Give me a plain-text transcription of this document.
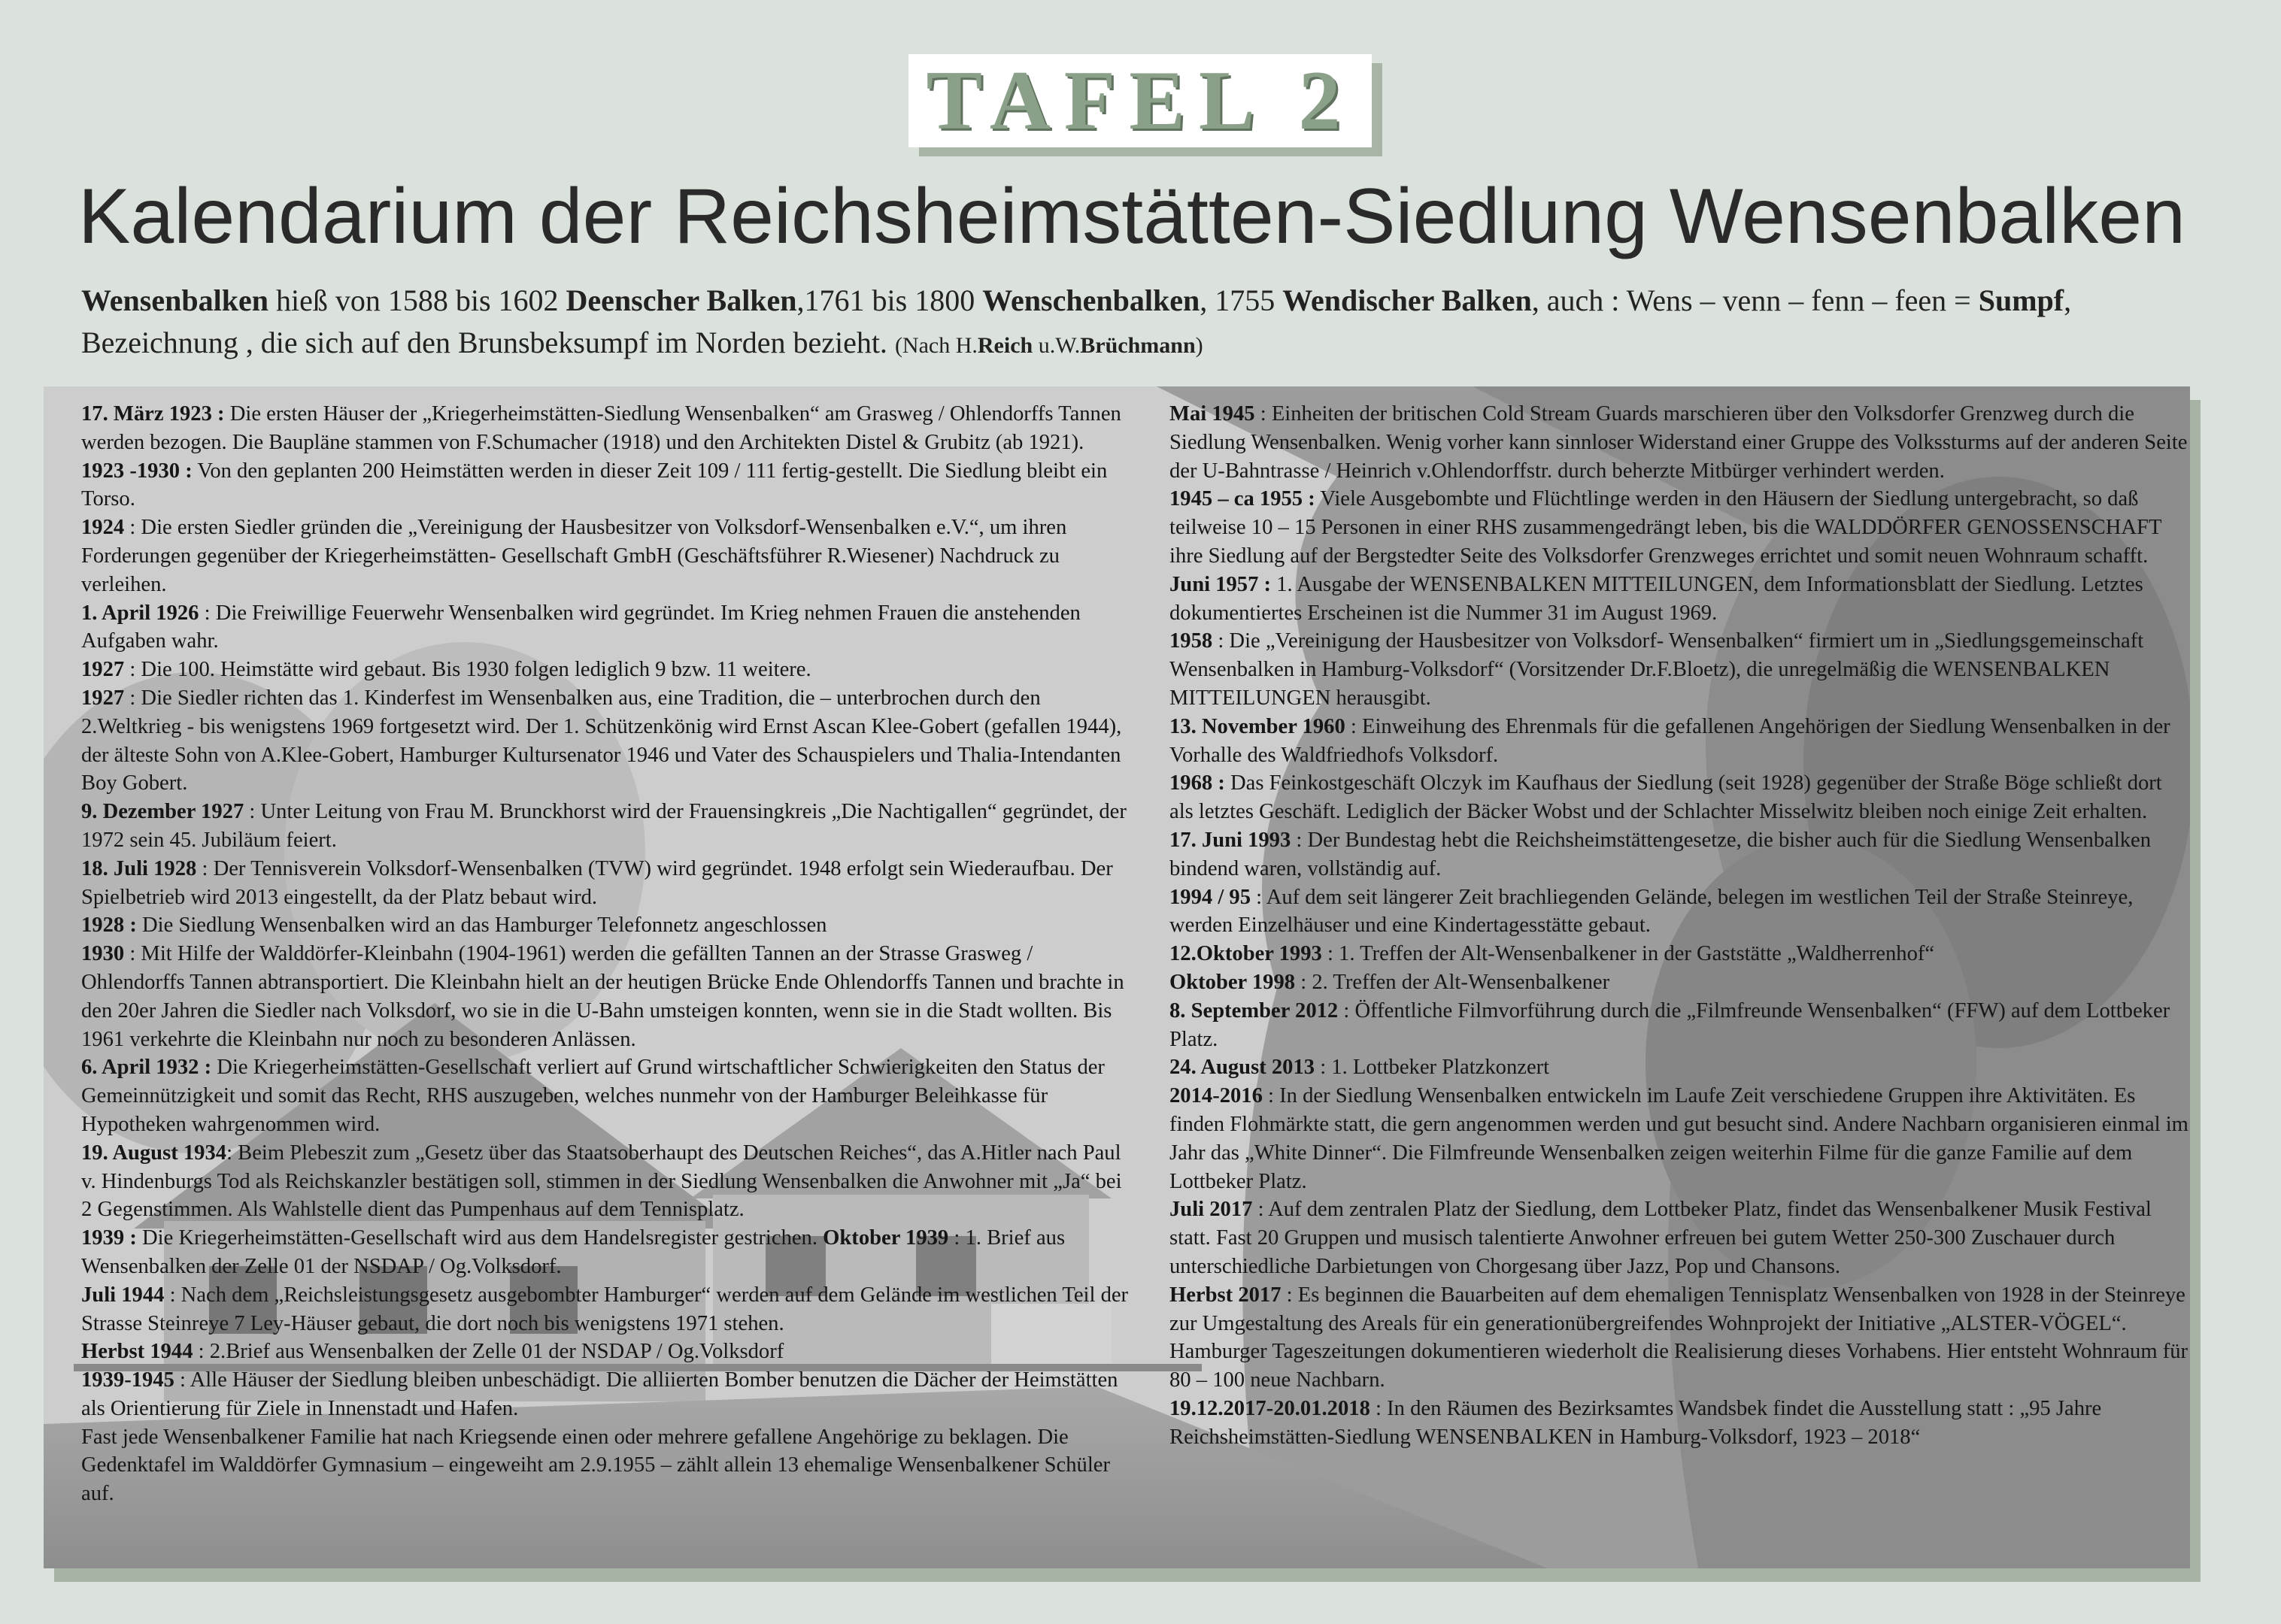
TAFEL 2
Kalendarium der Reichsheimstätten-Siedlung Wensenbalken
Wensenbalken hieß von 1588 bis 1602 Deenscher Balken,1761 bis 1800 Wenschenbalken, 1755 Wendischer Balken, auch : Wens – venn – fenn – feen = Sumpf,
Bezeichnung , die sich auf den Brunsbeksumpf im Norden bezieht. (Nach H.Reich u.W.Brüchmann)

17. März 1923 : Die ersten Häuser der „Kriegerheimstätten-Siedlung Wensenbalken“ am Grasweg / Ohlendorffs Tannen werden bezogen. Die Baupläne stammen von F.Schumacher (1918) und den Architekten Distel & Grubitz (ab 1921).

1923 -1930 : Von den geplanten 200 Heimstätten werden in dieser Zeit 109 / 111 fertig-gestellt. Die Siedlung bleibt ein Torso.

1924 : Die ersten Siedler gründen die „Vereinigung der Hausbesitzer von Volksdorf-Wensenbalken e.V.“, um ihren Forderungen gegenüber der Kriegerheimstätten- Gesellschaft GmbH (Geschäftsführer R.Wiesener) Nachdruck zu verleihen.

1. April 1926 : Die Freiwillige Feuerwehr Wensenbalken wird gegründet. Im Krieg nehmen Frauen die anstehenden Aufgaben wahr.

1927 : Die 100. Heimstätte wird gebaut. Bis 1930 folgen lediglich 9 bzw. 11 weitere.

1927 : Die Siedler richten das 1. Kinderfest im Wensenbalken aus, eine Tradition, die – unterbrochen durch den 2.Weltkrieg - bis wenigstens 1969 fortgesetzt wird. Der 1. Schützenkönig wird Ernst Ascan Klee-Gobert (gefallen 1944), der älteste Sohn von A.Klee-Gobert, Hamburger Kultursenator 1946 und Vater des Schauspielers und Thalia-Intendanten Boy Gobert.

9. Dezember 1927 : Unter Leitung von Frau M. Brunckhorst wird der Frauensingkreis „Die Nachtigallen“ gegründet, der 1972 sein 45. Jubiläum feiert.

18. Juli 1928 : Der Tennisverein Volksdorf-Wensenbalken (TVW) wird gegründet. 1948 erfolgt sein Wiederaufbau. Der Spielbetrieb wird 2013 eingestellt, da der Platz bebaut wird.

1928 : Die Siedlung Wensenbalken wird an das Hamburger Telefonnetz angeschlossen

1930 : Mit Hilfe der Walddörfer-Kleinbahn (1904-1961) werden die gefällten Tannen an der Strasse Grasweg / Ohlendorffs Tannen abtransportiert. Die Kleinbahn hielt an der heutigen Brücke Ende Ohlendorffs Tannen und brachte in den 20er Jahren die Siedler nach Volksdorf, wo sie in die U-Bahn umsteigen konnten, wenn sie in die Stadt wollten. Bis 1961 verkehrte die Kleinbahn nur noch zu besonderen Anlässen.

6. April 1932 : Die Kriegerheimstätten-Gesellschaft verliert auf Grund wirtschaftlicher Schwierigkeiten den Status der Gemeinnützigkeit und somit das Recht, RHS auszugeben, welches nunmehr von der Hamburger Beleihkasse für Hypotheken wahrgenommen wird.

19. August 1934: Beim Plebeszit zum „Gesetz über das Staatsoberhaupt des Deutschen Reiches“, das A.Hitler nach Paul v. Hindenburgs Tod als Reichskanzler bestätigen soll, stimmen in der Siedlung Wensenbalken die Anwohner mit „Ja“ bei 2 Gegenstimmen. Als Wahlstelle dient das Pumpenhaus auf dem Tennisplatz.

1939 : Die Kriegerheimstätten-Gesellschaft wird aus dem Handelsregister gestrichen. Oktober 1939 : 1. Brief aus Wensenbalken der Zelle 01 der NSDAP / Og.Volksdorf.

Juli 1944 : Nach dem „Reichsleistungsgesetz ausgebombter Hamburger“ werden auf dem Gelände im westlichen Teil der Strasse Steinreye 7 Ley-Häuser gebaut, die dort noch bis wenigstens 1971 stehen.

Herbst 1944 : 2.Brief aus Wensenbalken der Zelle 01 der NSDAP / Og.Volksdorf

1939-1945 : Alle Häuser der Siedlung bleiben unbeschädigt. Die alliierten Bomber benutzen die Dächer der Heimstätten als Orientierung für Ziele in Innenstadt und Hafen.

Fast jede Wensenbalkener Familie hat nach Kriegsende einen oder mehrere gefallene Angehörige zu beklagen. Die Gedenktafel im Walddörfer Gymnasium – eingeweiht am 2.9.1955 – zählt allein 13 ehemalige Wensenbalkener Schüler auf.

Mai 1945 : Einheiten der britischen Cold Stream Guards marschieren über den Volksdorfer Grenzweg durch die Siedlung Wensenbalken. Wenig vorher kann sinnloser Widerstand einer Gruppe des Volkssturms auf der anderen Seite der U-Bahntrasse / Heinrich v.Ohlendorffstr. durch beherzte Mitbürger verhindert werden.

1945 – ca 1955 : Viele Ausgebombte und Flüchtlinge werden in den Häusern der Siedlung untergebracht, so daß teilweise 10 – 15 Personen in einer RHS zusammengedrängt leben, bis die WALDDÖRFER GENOSSENSCHAFT ihre Siedlung auf der Bergstedter Seite des Volksdorfer Grenzweges errichtet und somit neuen Wohnraum schafft.

Juni 1957 : 1. Ausgabe der WENSENBALKEN MITTEILUNGEN, dem Informationsblatt der Siedlung. Letztes dokumentiertes Erscheinen ist die Nummer 31 im August 1969.

1958 : Die „Vereinigung der Hausbesitzer von Volksdorf- Wensenbalken“ firmiert um in „Siedlungsgemeinschaft Wensenbalken in Hamburg-Volksdorf“ (Vorsitzender Dr.F.Bloetz), die unregelmäßig die WENSENBALKEN MITTEILUNGEN herausgibt.

13. November 1960 : Einweihung des Ehrenmals für die gefallenen Angehörigen der Siedlung Wensenbalken in der Vorhalle des Waldfriedhofs Volksdorf.

1968 : Das Feinkostgeschäft Olczyk im Kaufhaus der Siedlung (seit 1928) gegenüber der Straße Böge schließt dort als letztes Geschäft. Lediglich der Bäcker Wobst und der Schlachter Misselwitz bleiben noch einige Zeit erhalten.

17. Juni 1993 : Der Bundestag hebt die Reichsheimstättengesetze, die bisher auch für die Siedlung Wensenbalken bindend waren, vollständig auf.

1994 / 95 : Auf dem seit längerer Zeit brachliegenden Gelände, belegen im westlichen Teil der Straße Steinreye, werden Einzelhäuser und eine Kindertagesstätte gebaut.

12.Oktober 1993 : 1. Treffen der Alt-Wensenbalkener in der Gaststätte „Waldherrenhof“

Oktober 1998 : 2. Treffen der Alt-Wensenbalkener

8. September 2012 : Öffentliche Filmvorführung durch die „Filmfreunde Wensenbalken“ (FFW) auf dem Lottbeker Platz.

24. August 2013 : 1. Lottbeker Platzkonzert

2014-2016 : In der Siedlung Wensenbalken entwickeln im Laufe Zeit verschiedene Gruppen ihre Aktivitäten. Es finden Flohmärkte statt, die gern angenommen werden und gut besucht sind. Andere Nachbarn organisieren einmal im Jahr das „White Dinner“. Die Filmfreunde Wensenbalken zeigen weiterhin Filme für die ganze Familie auf dem Lottbeker Platz.

Juli 2017 : Auf dem zentralen Platz der Siedlung, dem Lottbeker Platz, findet das Wensenbalkener Musik Festival statt. Fast 20 Gruppen und musisch talentierte Anwohner erfreuen bei gutem Wetter 250-300 Zuschauer durch unterschiedliche Darbietungen von Chorgesang über Jazz, Pop und Chansons.

Herbst 2017 : Es beginnen die Bauarbeiten auf dem ehemaligen Tennisplatz Wensenbalken von 1928 in der Steinreye zur Umgestaltung des Areals für ein generationübergreifendes Wohnprojekt der Initiative „ALSTER-VÖGEL“. Hamburger Tageszeitungen dokumentieren wiederholt die Realisierung dieses Vorhabens. Hier entsteht Wohnraum für 80 – 100 neue Nachbarn.

19.12.2017-20.01.2018 : In den Räumen des Bezirksamtes Wandsbek findet die Ausstellung statt : „95 Jahre Reichsheimstätten-Siedlung WENSENBALKEN in Hamburg-Volksdorf, 1923 – 2018“
